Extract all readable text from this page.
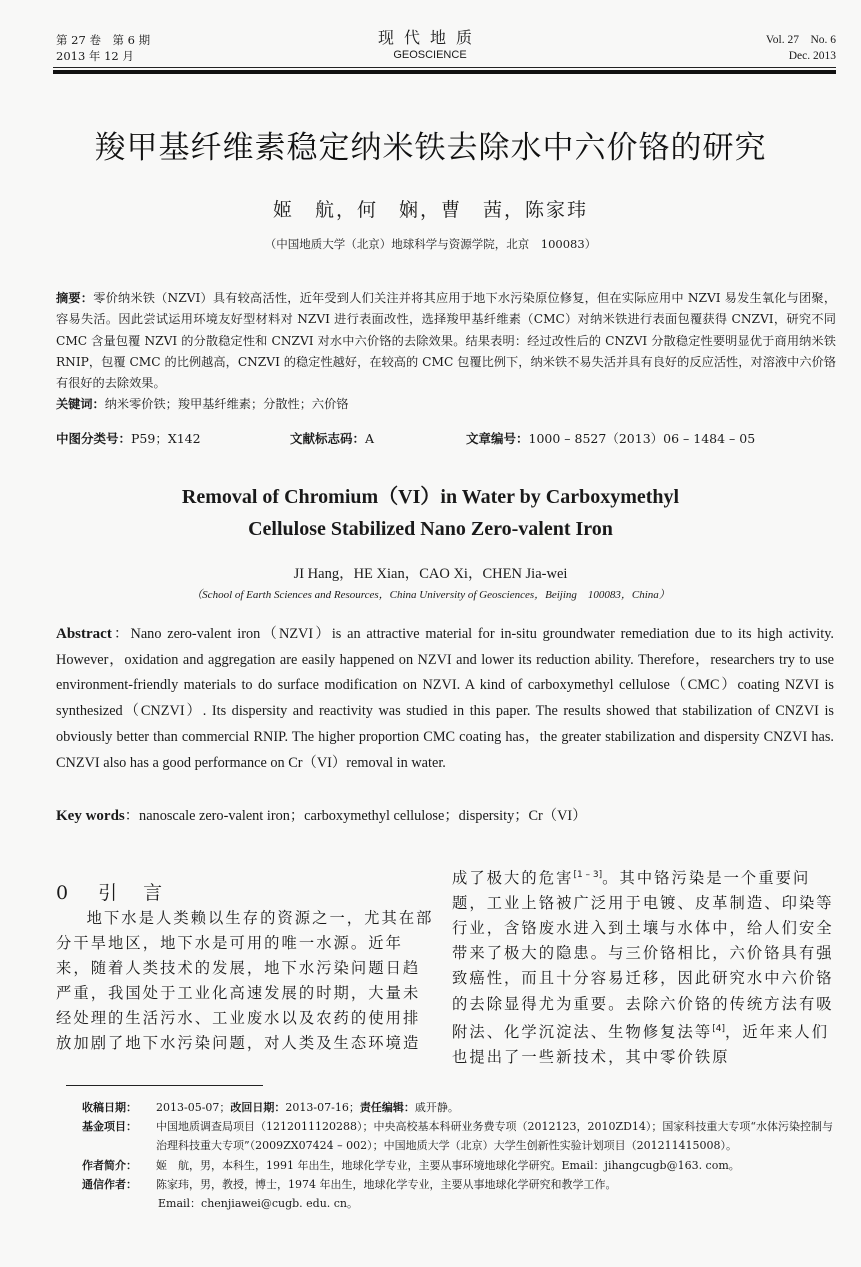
第 27 卷　第 6 期
2013 年 12 月
现代地质
GEOSCIENCE
Vol. 27　No. 6
Dec. 2013
羧甲基纤维素稳定纳米铁去除水中六价铬的研究
姬　航，何　娴，曹　茜，陈家玮
（中国地质大学（北京）地球科学与资源学院，北京　100083）
摘要：零价纳米铁（NZVI）具有较高活性，近年受到人们关注并将其应用于地下水污染原位修复，但在实际应用中 NZVI 易发生氧化与团聚，容易失活。因此尝试运用环境友好型材料对 NZVI 进行表面改性，选择羧甲基纤维素（CMC）对纳米铁进行表面包覆获得 CNZVI，研究不同 CMC 含量包覆 NZVI 的分散稳定性和 CNZVI 对水中六价铬的去除效果。结果表明：经过改性后的 CNZVI 分散稳定性要明显优于商用纳米铁 RNIP，包覆 CMC 的比例越高，CNZVI 的稳定性越好，在较高的 CMC 包覆比例下，纳米铁不易失活并具有良好的反应活性，对溶液中六价铬有很好的去除效果。
关键词：纳米零价铁；羧甲基纤维素；分散性；六价铬
中图分类号：P59；X142	文献标志码：A	文章编号：1000 – 8527（2013）06 – 1484 – 05
Removal of Chromium（VI）in Water by Carboxymethyl
Cellulose Stabilized Nano Zero-valent Iron
JI Hang，HE Xian，CAO Xi，CHEN Jia-wei
（School of Earth Sciences and Resources，China University of Geosciences，Beijing　100083，China）
Abstract：Nano zero-valent iron（NZVI）is an attractive material for in-situ groundwater remediation due to its high activity. However，oxidation and aggregation are easily happened on NZVI and lower its reduction ability. Therefore，researchers try to use environment-friendly materials to do surface modification on NZVI. A kind of carboxymethyl cellulose（CMC）coating NZVI is synthesized（CNZVI）. Its dispersity and reactivity was studied in this paper. The results showed that stabilization of CNZVI is obviously better than commercial RNIP. The higher proportion CMC coating has，the greater stabilization and dispersity CNZVI has. CNZVI also has a good performance on Cr（VI）removal in water.
Key words：nanoscale zero-valent iron；carboxymethyl cellulose；dispersity；Cr（VI）
0 引 言

地下水是人类赖以生存的资源之一，尤其在部分干旱地区，地下水是可用的唯一水源。近年来，随着人类技术的发展，地下水污染问题日趋严重，我国处于工业化高速发展的时期，大量未经处理的生活污水、工业废水以及农药的使用排放加剧了地下水污染问题，对人类及生态环境造

成了极大的危害[1 – 3]。其中铬污染是一个重要问题，工业上铬被广泛用于电镀、皮革制造、印染等行业，含铬废水进入到土壤与水体中，给人们安全带来了极大的隐患。与三价铬相比，六价铬具有强致癌性，而且十分容易迁移，因此研究水中六价铬的去除显得尤为重要。去除六价铬的传统方法有吸附法、化学沉淀法、生物修复法等[4]，近年来人们也提出了一些新技术，其中零价铁原

收稿日期： 2013-05-07；改回日期：2013-07-16；责任编辑：戚开静。
基金项目： 中国地质调查局项目（1212011120288）；中央高校基本科研业务费专项（2012123，2010ZD14）；国家科技重大专项“水体污染控制与治理科技重大专项”（2009ZX07424 – 002）；中国地质大学（北京）大学生创新性实验计划项目（201211415008）。
作者简介： 姬　航，男，本科生，1991 年出生，地球化学专业，主要从事环境地球化学研究。Email：jihangcugb@163. com。
通信作者： 陈家玮，男，教授，博士，1974 年出生，地球化学专业，主要从事地球化学研究和教学工作。
Email：chenjiawei@cugb. edu. cn。
